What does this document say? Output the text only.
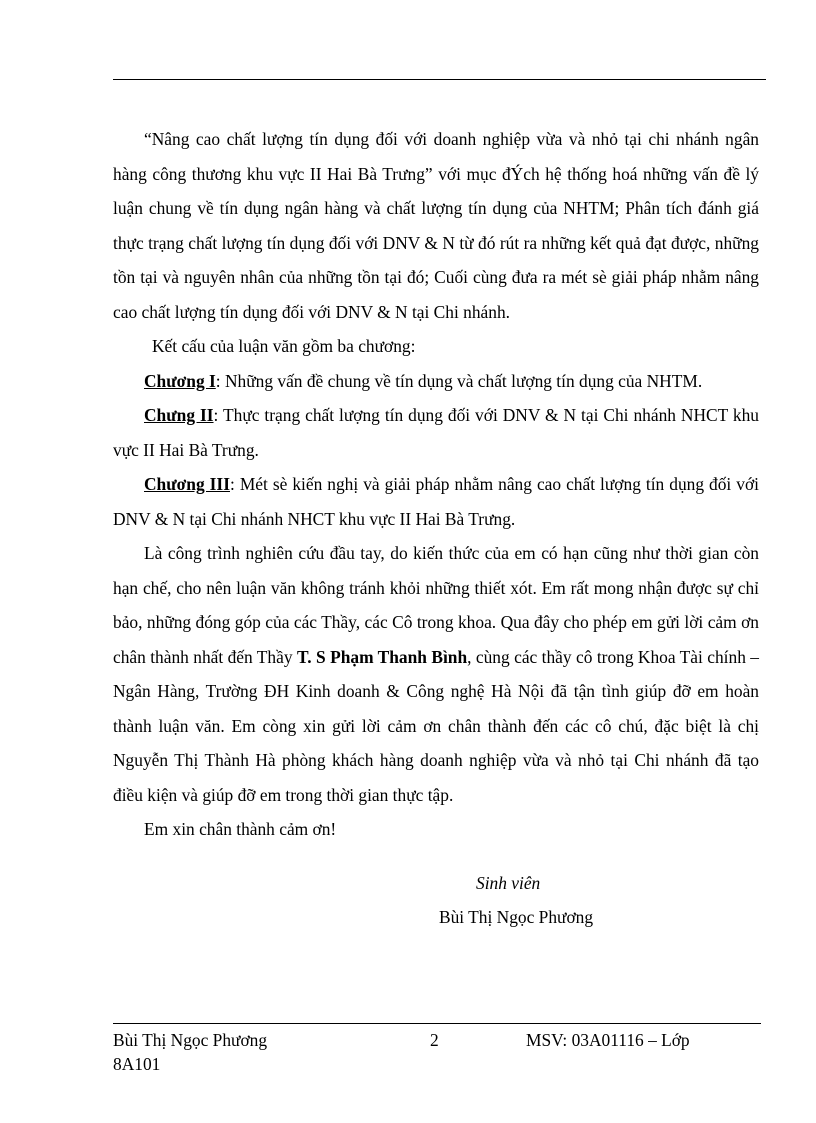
“Nâng cao chất lượng tín dụng đối với doanh nghiệp vừa và nhỏ tại chi nhánh ngân hàng công thương khu vực II Hai Bà Trưng” với mục đÝch hệ thống hoá những vấn đề lý luận chung về tín dụng ngân hàng và chất lượng tín dụng của NHTM; Phân tích đánh giá thực trạng chất lượng tín dụng đối với DNV & N từ đó rút ra những kết quả đạt được, những tồn tại và nguyên nhân của những tồn tại đó; Cuối cùng đưa ra mét sè giải pháp nhằm nâng cao chất lượng tín dụng đối với DNV & N tại Chi nhánh.

Kết cấu của luận văn gồm ba chương:

Chương I: Những vấn đề chung về tín dụng và chất lượng tín dụng của NHTM.

Chưng II: Thực trạng chất lượng tín dụng đối với DNV & N tại Chi nhánh NHCT khu vực II Hai Bà Trưng.

Chương III: Mét sè kiến nghị và giải pháp nhằm nâng cao chất lượng tín dụng đối với DNV & N tại Chi nhánh NHCT khu vực II Hai Bà Trưng.

Là công trình nghiên cứu đầu tay, do kiến thức của em có hạn cũng như thời gian còn hạn chế, cho nên luận văn không tránh khỏi những thiết xót. Em rất mong nhận được sự chỉ bảo, những đóng góp của các Thầy, các Cô trong khoa. Qua đây cho phép em gửi lời cảm ơn chân thành nhất đến Thầy T. S Phạm Thanh Bình, cùng các thầy cô trong Khoa Tài chính – Ngân Hàng, Trường ĐH Kinh doanh & Công nghệ Hà Nội đã tận tình giúp đỡ em hoàn thành luận văn. Em còng xin gửi lời cảm ơn chân thành đến các cô chú, đặc biệt là chị Nguyễn Thị Thành Hà phòng khách hàng doanh nghiệp vừa và nhỏ tại Chi nhánh đã tạo điều kiện và giúp đỡ em trong thời gian thực tập.

Em xin chân thành cảm ơn!

Sinh viên
Bùi Thị Ngọc Phương
Bùi Thị Ngọc Phương 8A101
2	MSV: 03A01116 – Lớp
